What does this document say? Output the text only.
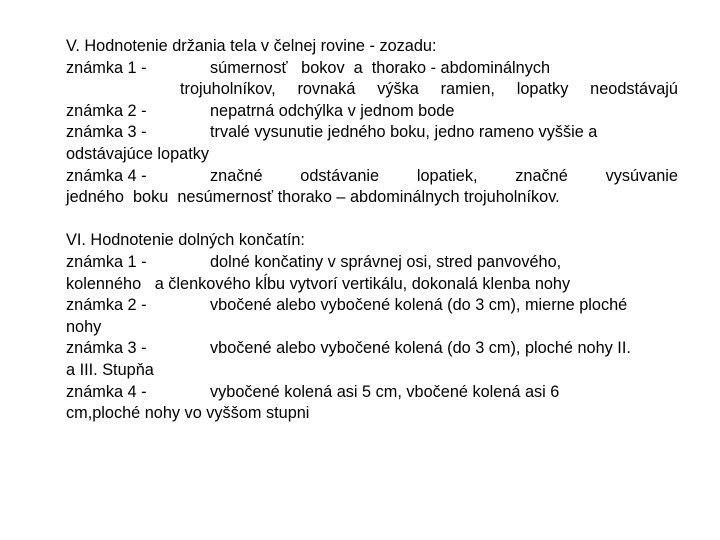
V. Hodnotenie držania tela v čelnej rovine - zozadu:
známka 1 -	súmernosť   bokov  a  thorako - abdominálnych
trojuholníkov, rovnaká výška ramien, lopatky neodstávajú
známka 2 -	nepatrná odchýlka v jednom bode
známka 3 -	trvalé vysunutie jedného boku, jedno rameno vyššie a
odstávajúce lopatky
známka 4 -	značné odstávanie lopatiek, značné vysúvanie
jedného  boku  nesúmernosť thorako – abdominálnych trojuholníkov.
VI. Hodnotenie dolných končatín:
známka 1 -	dolné končatiny v správnej osi, stred panvového,
kolenného   a členkového kĺbu vytvorí vertikálu, dokonalá klenba nohy
známka 2 -	vbočené alebo vybočené kolená (do 3 cm), mierne ploché
nohy
známka 3 -	vbočené alebo vybočené kolená (do 3 cm), ploché nohy II.
a III. Stupňa
známka 4 -	vybočené kolená asi 5 cm, vbočené kolená asi 6
cm,ploché nohy vo vyššom stupni
